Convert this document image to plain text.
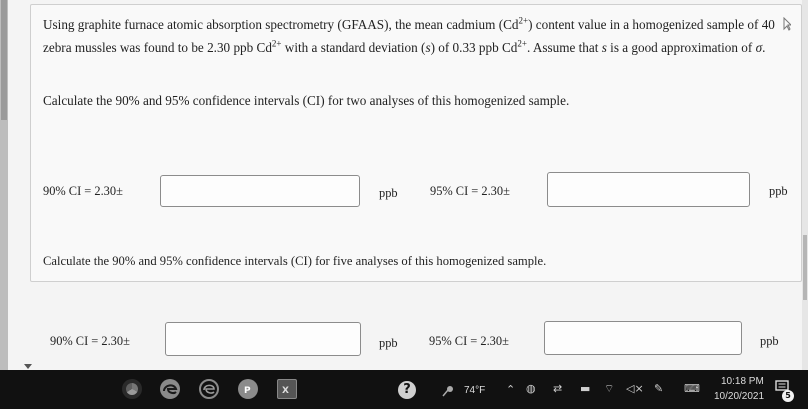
Using graphite furnace atomic absorption spectrometry (GFAAS), the mean cadmium $(Cd^{2+})$ content value in a homogenized sample of 40 zebra mussles was found to be 2.30 ppb $Cd^{2+}$ with a standard deviation (s) of 0.33 ppb $Cd^{2+}$. Assume that s is a good approximation of σ.
Calculate the 90% and 95% confidence intervals (CI) for two analyses of this homogenized sample.
90% CI = 2.30±	ppb	95% CI = 2.30±	ppb
Calculate the 90% and 95% confidence intervals (CI) for five analyses of this homogenized sample.
90% CI = 2.30±	ppb	95% CI = 2.30±	ppb
P	X	?	74°F ⌃ ◍ ⇄ ▬ ⌔ ◁× ✎ ⌨
10:18 PM
10/20/2021	5
